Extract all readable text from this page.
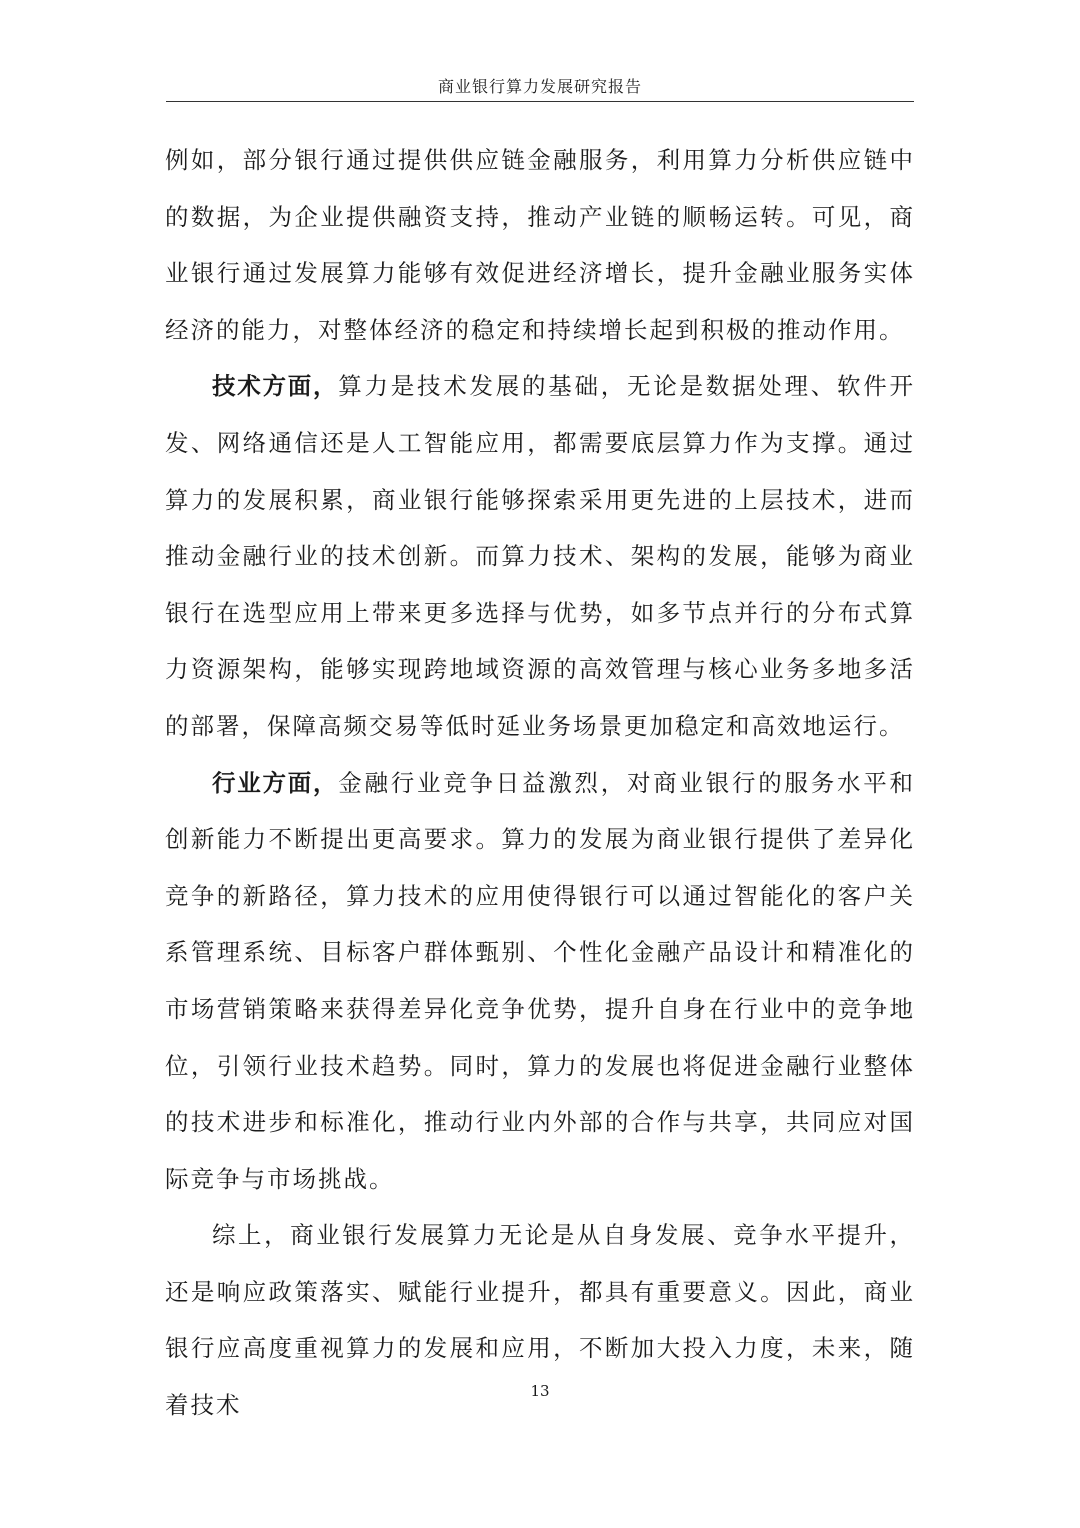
商业银行算力发展研究报告

例如，部分银行通过提供供应链金融服务，利用算力分析供应链中的数据，为企业提供融资支持，推动产业链的顺畅运转。可见，商业银行通过发展算力能够有效促进经济增长，提升金融业服务实体经济的能力，对整体经济的稳定和持续增长起到积极的推动作用。

技术方面，算力是技术发展的基础，无论是数据处理、软件开发、网络通信还是人工智能应用，都需要底层算力作为支撑。通过算力的发展积累，商业银行能够探索采用更先进的上层技术，进而推动金融行业的技术创新。而算力技术、架构的发展，能够为商业银行在选型应用上带来更多选择与优势，如多节点并行的分布式算力资源架构，能够实现跨地域资源的高效管理与核心业务多地多活的部署，保障高频交易等低时延业务场景更加稳定和高效地运行。

行业方面，金融行业竞争日益激烈，对商业银行的服务水平和创新能力不断提出更高要求。算力的发展为商业银行提供了差异化竞争的新路径，算力技术的应用使得银行可以通过智能化的客户关系管理系统、目标客户群体甄别、个性化金融产品设计和精准化的市场营销策略来获得差异化竞争优势，提升自身在行业中的竞争地位，引领行业技术趋势。同时，算力的发展也将促进金融行业整体的技术进步和标准化，推动行业内外部的合作与共享，共同应对国际竞争与市场挑战。

综上，商业银行发展算力无论是从自身发展、竞争水平提升，还是响应政策落实、赋能行业提升，都具有重要意义。因此，商业银行应高度重视算力的发展和应用，不断加大投入力度，未来，随着技术

13
